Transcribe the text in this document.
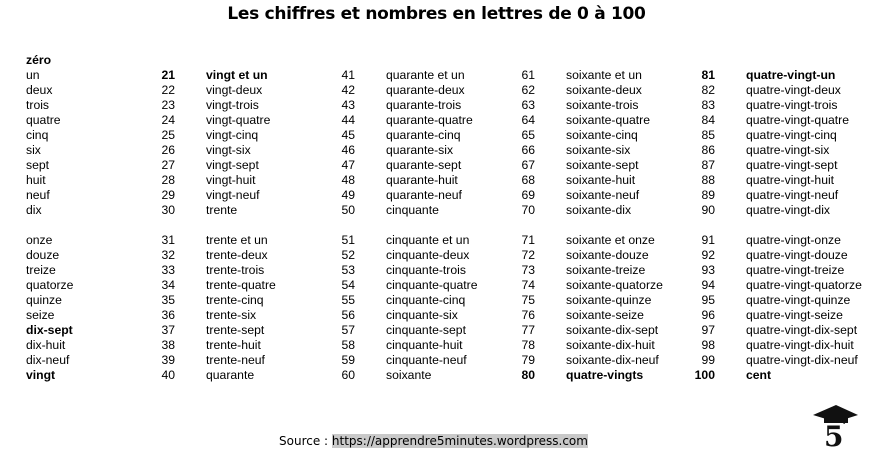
Les chiffres et nombres en lettres de 0 à 100
zéro
un
deux
trois
quatre
cinq
six
sept
huit
neuf
dix
onze
douze
treize
quatorze
quinze
seize
dix-sept
dix-huit
dix-neuf
vingt
21	vingt et un
22	vingt-deux
23	vingt-trois
24	vingt-quatre
25	vingt-cinq
26	vingt-six
27	vingt-sept
28	vingt-huit
29	vingt-neuf
30	trente
31	trente et un
32	trente-deux
33	trente-trois
34	trente-quatre
35	trente-cinq
36	trente-six
37	trente-sept
38	trente-huit
39	trente-neuf
40	quarante
41	quarante et un
42	quarante-deux
43	quarante-trois
44	quarante-quatre
45	quarante-cinq
46	quarante-six
47	quarante-sept
48	quarante-huit
49	quarante-neuf
50	cinquante
51	cinquante et un
52	cinquante-deux
53	cinquante-trois
54	cinquante-quatre
55	cinquante-cinq
56	cinquante-six
57	cinquante-sept
58	cinquante-huit
59	cinquante-neuf
60	soixante
61	soixante et un
62	soixante-deux
63	soixante-trois
64	soixante-quatre
65	soixante-cinq
66	soixante-six
67	soixante-sept
68	soixante-huit
69	soixante-neuf
70	soixante-dix
71	soixante et onze
72	soixante-douze
73	soixante-treize
74	soixante-quatorze
75	soixante-quinze
76	soixante-seize
77	soixante-dix-sept
78	soixante-dix-huit
79	soixante-dix-neuf
80	quatre-vingts
81	quatre-vingt-un
82	quatre-vingt-deux
83	quatre-vingt-trois
84	quatre-vingt-quatre
85	quatre-vingt-cinq
86	quatre-vingt-six
87	quatre-vingt-sept
88	quatre-vingt-huit
89	quatre-vingt-neuf
90	quatre-vingt-dix
91	quatre-vingt-onze
92	quatre-vingt-douze
93	quatre-vingt-treize
94	quatre-vingt-quatorze
95	quatre-vingt-quinze
96	quatre-vingt-seize
97	quatre-vingt-dix-sept
98	quatre-vingt-dix-huit
99	quatre-vingt-dix-neuf
100	cent
Source : https://apprendre5minutes.wordpress.com	5 ′
